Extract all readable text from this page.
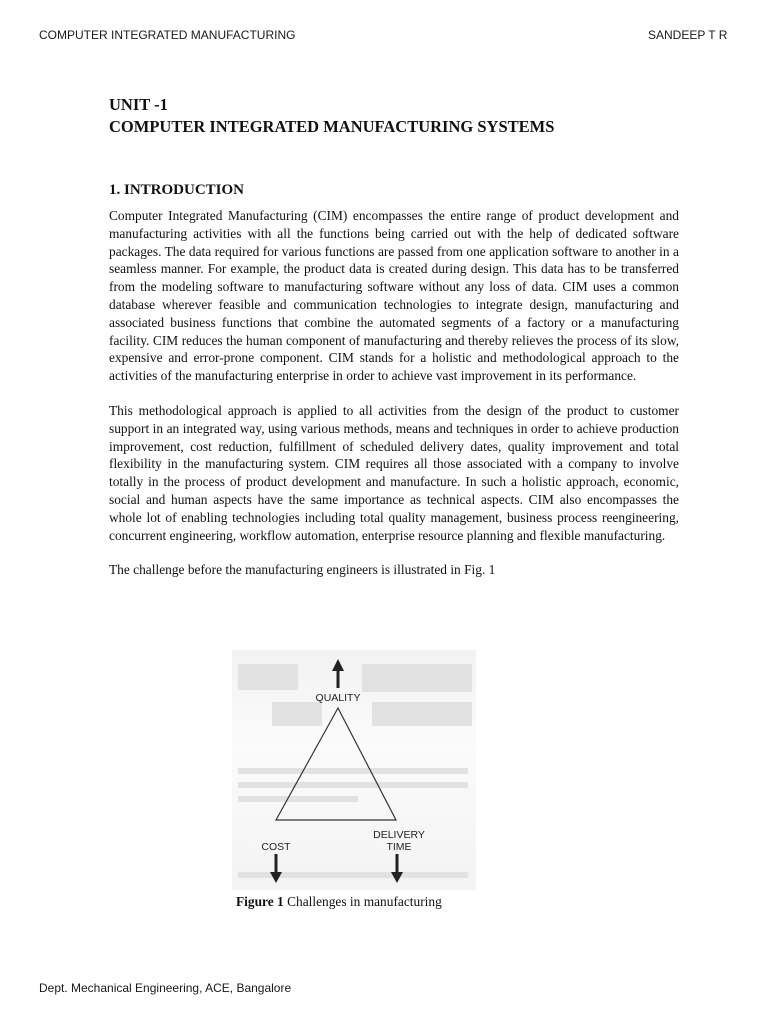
COMPUTER INTEGRATED MANUFACTURING	SANDEEP T R

UNIT -1

COMPUTER INTEGRATED MANUFACTURING SYSTEMS

1. INTRODUCTION

Computer Integrated Manufacturing (CIM) encompasses the entire range of product development and manufacturing activities with all the functions being carried out with the help of dedicated software packages. The data required for various functions are passed from one application software to another in a seamless manner. For example, the product data is created during design. This data has to be transferred from the modeling software to manufacturing software without any loss of data. CIM uses a common database wherever feasible and communication technologies to integrate design, manufacturing and associated business functions that combine the automated segments of a factory or a manufacturing facility. CIM reduces the human component of manufacturing and thereby relieves the process of its slow, expensive and error-prone component. CIM stands for a holistic and methodological approach to the activities of the manufacturing enterprise in order to achieve vast improvement in its performance.

This methodological approach is applied to all activities from the design of the product to customer support in an integrated way, using various methods, means and techniques in order to achieve production improvement, cost reduction, fulfillment of scheduled delivery dates, quality improvement and total flexibility in the manufacturing system. CIM requires all those associated with a company to involve totally in the process of product development and manufacture. In such a holistic approach, economic, social and human aspects have the same importance as technical aspects. CIM also encompasses the whole lot of enabling technologies including total quality management, business process reengineering, concurrent engineering, workflow automation, enterprise resource planning and flexible manufacturing.

The challenge before the manufacturing engineers is illustrated in Fig. 1

QUALITY
DELIVERY
TIME
COST
Figure 1 Challenges in manufacturing
Dept. Mechanical Engineering, ACE, Bangalore
